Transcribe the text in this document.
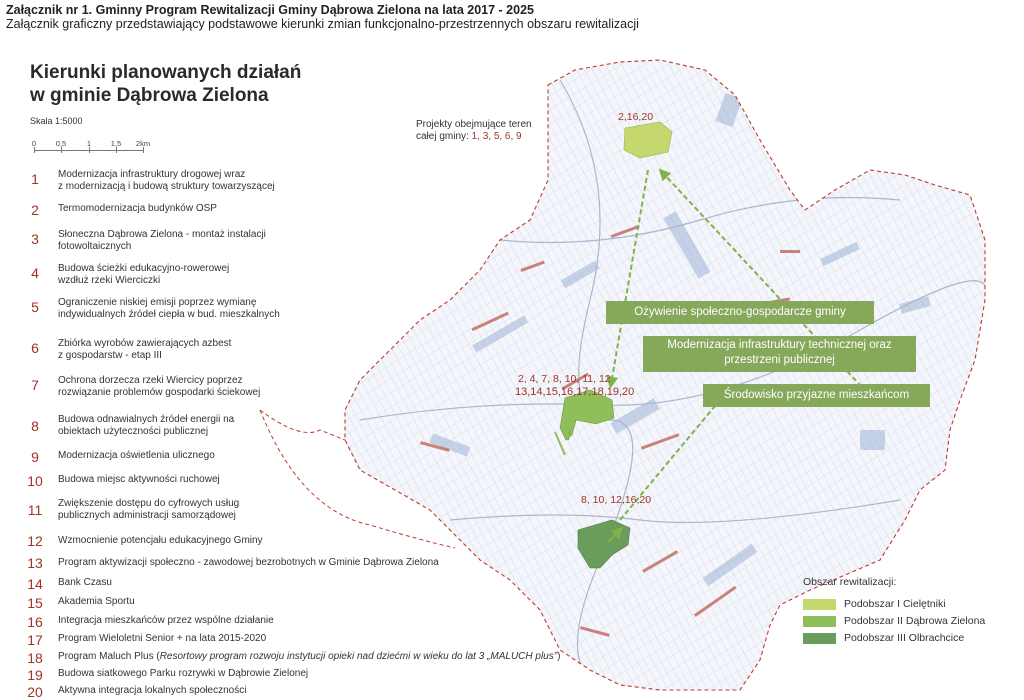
Załącznik nr 1. Gminny Program Rewitalizacji Gminy Dąbrowa Zielona na lata 2017 - 2025
Załącznik graficzny przedstawiający podstawowe kierunki zmian funkcjonalno-przestrzennych obszaru rewitalizacji
Kierunki planowanych działań
w gminie Dąbrowa Zielona
Skala 1:5000
0	0,5	1	1,5 2km
1	Modernizacja infrastruktury drogowej wraz
z modernizacją i budową struktury towarzyszącej
2	Termomodernizacja budynków OSP
3	Słoneczna Dąbrowa Zielona - montaż instalacji
fotowoltaicznych
4	Budowa ścieżki edukacyjno-rowerowej
wzdłuż rzeki Wierciczki
5	Ograniczenie niskiej emisji poprzez wymianę
indywidualnych źródeł ciepła w bud. mieszkalnych
6	Zbiórka wyrobów zawierających azbest
z gospodarstw - etap III
7	Ochrona dorzecza rzeki Wiercicy poprzez
rozwiązanie problemów gospodarki ściekowej
8	Budowa odnawialnych źródeł energii na
obiektach użyteczności publicznej
9	Modernizacja oświetlenia ulicznego
10	Budowa miejsc aktywności ruchowej
11	Zwiększenie dostępu do cyfrowych usług
publicznych administracji samorządowej
12	Wzmocnienie potencjału edukacyjnego Gminy
13	Program aktywizacji społeczno - zawodowej bezrobotnych w Gminie Dąbrowa Zielona
14	Bank Czasu
15	Akademia Sportu
16	Integracja mieszkańców przez wspólne działanie
17	Program Wieloletni Senior + na lata 2015-2020
18	Program Maluch Plus (Resortowy program rozwoju instytucji opieki nad dziećmi w wieku do lat 3 „MALUCH plus”)
19	Budowa siatkowego Parku rozrywki w Dąbrowie Zielonej
20	Aktywna integracja lokalnych społeczności
Projekty obejmujące teren
całej gminy: 1, 3, 5, 6, 9
2,16,20
2, 4, 7, 8, 10, 11, 12
13,14,15,16,17,18,19,20
8, 10, 12,16,20
Ożywienie społeczno-gospodarcze gminy
Modernizacja infrastruktury technicznej oraz
przestrzeni publicznej
Środowisko przyjazne mieszkańcom
Obszar rewitalizacji:
Podobszar I Cielętniki
Podobszar II Dąbrowa Zielona
Podobszar III Olbrachcice
